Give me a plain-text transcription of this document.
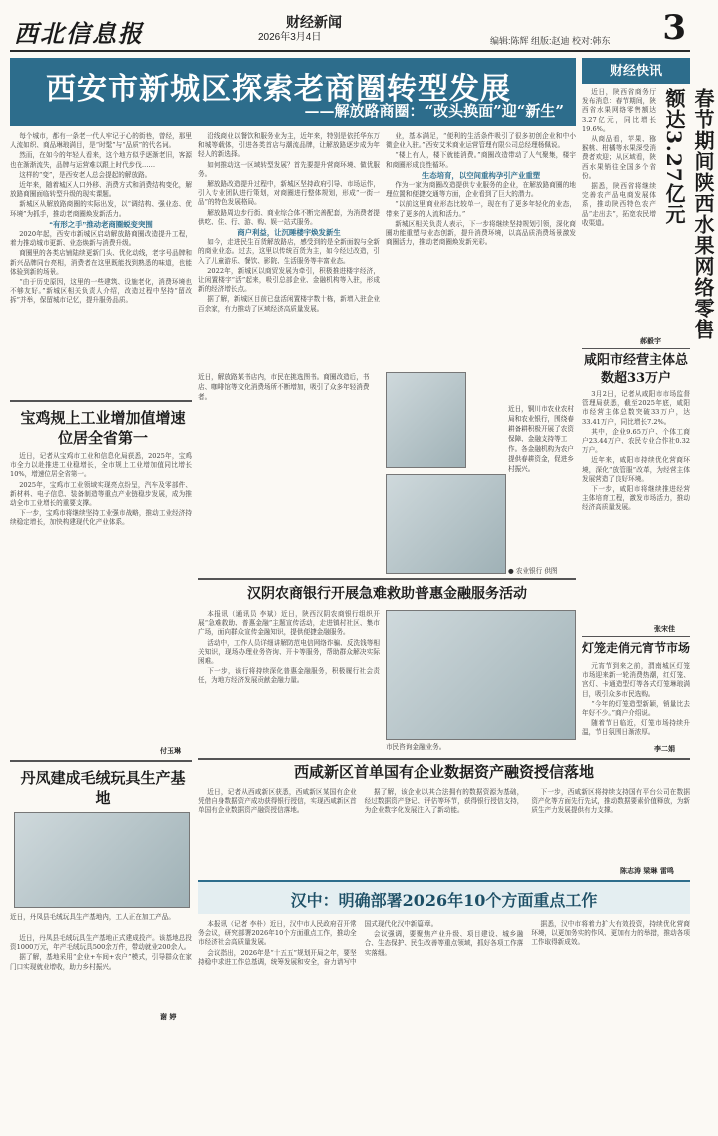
西北信息报	2026年3月4日
财经新闻
编辑:陈辉 组版:赵迪 校对:韩东 3
西安市新城区探索老商圈转型发展
——解放路商圈：“改头换面”迎“新生”

每个城市，都有一条老一代人牢记于心的街巷，曾经，那里人流如织、商品琳琅满目，是“时髦”与“品质”的代名词。

然而，在如今的年轻人看来，这个地方似乎逐渐老旧，客源也在渐渐流失，品牌与运营难以跟上时代步伐……

这样的“变”，是西安老人总会提起的解放路。

近年来，随着城区人口外移、消费方式和消费结构变化，解放路商圈面临转型升级的现实课题。

新城区从解放路商圈的实际出发，以“调结构、强业态、优环境”为抓手，推动老商圈焕发新活力。

“有形之手”推动老商圈蜕变突围

2020年起，西安市新城区启动解放路商圈改造提升工程，着力推动城市更新、业态焕新与消费升级。

商圈里的各类店铺陆续更新门头、优化动线，老字号品牌和新兴品牌同台亮相，消费者在这里既能找到熟悉的味道，也能体验到新的场景。

“由于历史原因，这里的一些建筑、设施老化，消费环境也不够友好。”新城区相关负责人介绍，改造过程中坚持“留改拆”并举，保留城市记忆，提升服务品质。

沿线商业以餐饮和服务业为主，近年来，特别是依托华东万和城等载体，引进各类首店与潮流品牌，让解放路逐步成为年轻人的新选择。

如何推动这一区域转型发展？首先要提升营商环境、做优服务。

解放路改造提升过程中，新城区坚持政府引导、市场运作，引入专业团队进行策划，对商圈进行整体规划，形成“一街一品”的特色发展格局。

解放路周边步行街、商业综合体不断完善配套，为消费者提供吃、住、行、游、购、娱一站式服务。

商户利益，让沉睡楼宇焕发新生

如今，走进民生百货解放路店，感受到的是全新面貌与全新的商业业态。过去，这里以传统百货为主，如今经过改造，引入了儿童游乐、餐饮、影院、生活服务等丰富业态。

2022年，新城区以商贸发展为牵引，积极推进楼宇经济，让闲置楼宇“活”起来，吸引总部企业、金融机构等入驻，形成新的经济增长点。

据了解，新城区目前已盘活闲置楼宇数十栋，新增入驻企业百余家，有力推动了区域经济高质量发展。

业，基本满足，“便利的生活条件吸引了很多初创企业和中小微企业入驻。”西安艾米商业运营管理有限公司总经理杨佩说。

“楼上有人，楼下就能消费。”商圈改造带动了人气聚集，楼宇和商圈形成良性循环。

生态培育，以空间重构孕引产业重塑

作为一家为商圈改造提供专业服务的企业，在解放路商圈的地理位置和便捷交通等方面，企业看到了巨大的潜力。

“以前这里商业形态比较单一，现在有了更多年轻化的业态，带来了更多的人流和活力。”

新城区相关负责人表示，下一步将继续坚持规划引领，深化商圈功能重塑与业态创新，提升消费环境，以高品质消费场景激发商圈活力，推动老商圈焕发新光彩。

宝鸡规上工业增加值增速位居全省第一

近日，记者从宝鸡市工业和信息化局获悉，2025年，宝鸡市全力以赴推进工业稳增长，全市规上工业增加值同比增长10%，增速位居全省第一。

2025年，宝鸡市工业领域实现亮点纷呈，汽车及零部件、新材料、电子信息、装备制造等重点产业链稳步发展，成为推动全市工业增长的重要支撑。

下一步，宝鸡市将继续坚持工业强市战略，推动工业经济持续稳定增长，加快构建现代化产业体系。

付玉琳
丹凤建成毛绒玩具生产基地
近日，丹凤县毛绒玩具生产基地内，工人正在加工产品。

近日，丹凤县毛绒玩具生产基地正式建成投产。该基地总投资1000万元，年产毛绒玩具500余万件，带动就业200余人。

据了解，基地采用“企业+车间+农户”模式，引导群众在家门口实现就业增收，助力乡村振兴。

谢 婷
近日，解放路某书店内，市民在挑选图书。商圈改造后，书店、咖啡馆等文化消费场所不断增加，吸引了众多年轻消费者。
近日，铜川市农业农村局和农业银行，围绕春耕备耕积极开展了农资保障、金融支持等工作。各金融机构为农户提供春耕资金，促进乡村振兴。
● 农业银行 供图
汉阴农商银行开展急难救助普惠金融服务活动

本报讯（通讯员 李斌）近日，陕西汉阴农商银行组织开展“急难救助、普惠金融”主题宣传活动，走进镇村社区、集市广场，面向群众宣传金融知识，提供便捷金融服务。

活动中，工作人员详细讲解防范电信网络诈骗、反洗钱等相关知识，现场办理业务咨询、开卡等服务，帮助群众解决实际困难。

下一步，该行将持续深化普惠金融服务，积极履行社会责任，为地方经济发展贡献金融力量。

市民咨询金融业务。
西咸新区首单国有企业数据资产融资授信落地

近日，记者从西咸新区获悉，西咸新区某国有企业凭借自身数据资产成功获得银行授信，实现西咸新区首单国有企业数据资产融资授信落地。

据了解，该企业以其合法拥有的数据资源为基础，经过数据资产登记、评估等环节，获得银行授信支持，为企业数字化发展注入了新动能。

下一步，西咸新区将持续支持国有平台公司在数据资产化等方面先行先试，推动数据要素价值释放，为新质生产力发展提供有力支撑。

陈志涛 梁琳 雷鸣
汉中：明确部署2026年10个方面重点工作

本报讯（记者 李朴）近日，汉中市人民政府召开常务会议，研究部署2026年10个方面重点工作，推动全市经济社会高质量发展。

会议指出，2026年是“十五五”规划开局之年，要坚持稳中求进工作总基调，统筹发展和安全，奋力谱写中国式现代化汉中新篇章。

会议强调，要聚焦产业升级、项目建设、城乡融合、生态保护、民生改善等重点领域，抓好各项工作落实落细。

据悉，汉中市将着力扩大有效投资，持续优化营商环境，以更加务实的作风、更加有力的举措，推动各项工作取得新成效。

财经快讯
春节期间陕西水果网络零售额达3.27亿元

近日，陕西省商务厅发布消息：春节期间，陕西省水果网络零售额达3.27亿元，同比增长19.6%。

从商品看，苹果、猕猴桃、柑橘等水果深受消费者欢迎；从区域看，陕西水果销往全国多个省份。

据悉，陕西省将继续完善农产品电商发展体系，推动陕西特色农产品“走出去”，拓宽农民增收渠道。

郝毅宇
咸阳市经营主体总数超33万户

3月2日，记者从咸阳市市场监督管理局获悉，截至2025年底，咸阳市经营主体总数突破33万户，达33.41万户，同比增长7.2%。

其中，企业9.65万户、个体工商户23.44万户、农民专业合作社0.32万户。

近年来，咸阳市持续优化营商环境，深化“放管服”改革，为经营主体发展营造了良好环境。

下一步，咸阳市将继续推进经营主体培育工程，激发市场活力，推动经济高质量发展。

张宋佳
灯笼走俏元宵节市场

元宵节到来之前，渭南城区灯笼市场迎来新一轮消费热潮，红灯笼、宫灯、卡通造型灯等各式灯笼琳琅满目，吸引众多市民选购。

“今年的灯笼造型新颖，销量比去年好不少。”商户介绍说。

随着节日临近，灯笼市场持续升温，节日氛围日渐浓厚。

李二娟
